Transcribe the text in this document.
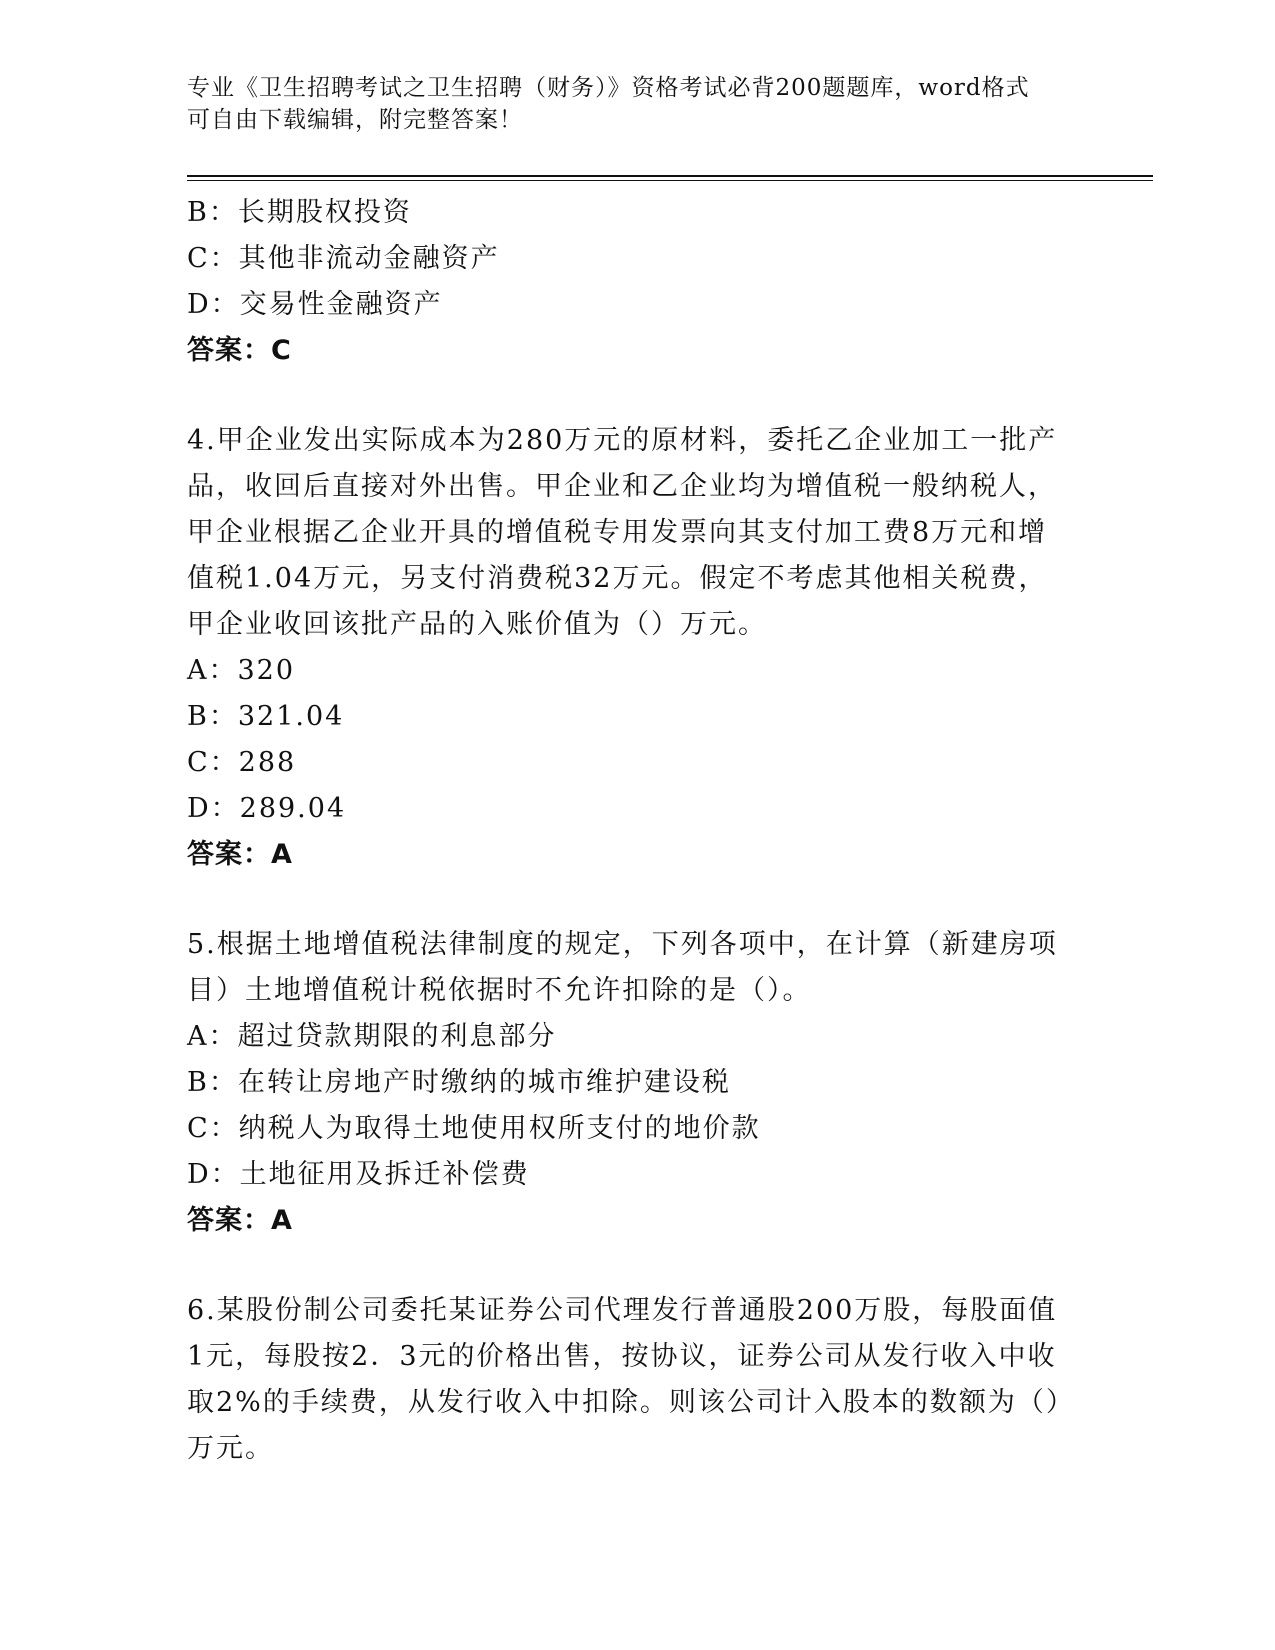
专业《卫生招聘考试之卫生招聘（财务）》资格考试必背200题题库，word格式
可自由下载编辑，附完整答案！
B：长期股权投资
C：其他非流动金融资产
D：交易性金融资产
答案：C
4.甲企业发出实际成本为280万元的原材料，委托乙企业加工一批产
品，收回后直接对外出售。甲企业和乙企业均为增值税一般纳税人，
甲企业根据乙企业开具的增值税专用发票向其支付加工费8万元和增
值税1.04万元，另支付消费税32万元。假定不考虑其他相关税费，
甲企业收回该批产品的入账价值为（）万元。
A：320
B：321.04
C：288
D：289.04
答案：A
5.根据土地增值税法律制度的规定，下列各项中，在计算（新建房项
目）土地增值税计税依据时不允许扣除的是（）。
A：超过贷款期限的利息部分
B：在转让房地产时缴纳的城市维护建设税
C：纳税人为取得土地使用权所支付的地价款
D：土地征用及拆迁补偿费
答案：A
6.某股份制公司委托某证券公司代理发行普通股200万股，每股面值
1元，每股按2．3元的价格出售，按协议，证券公司从发行收入中收
取2%的手续费，从发行收入中扣除。则该公司计入股本的数额为（）
万元。
